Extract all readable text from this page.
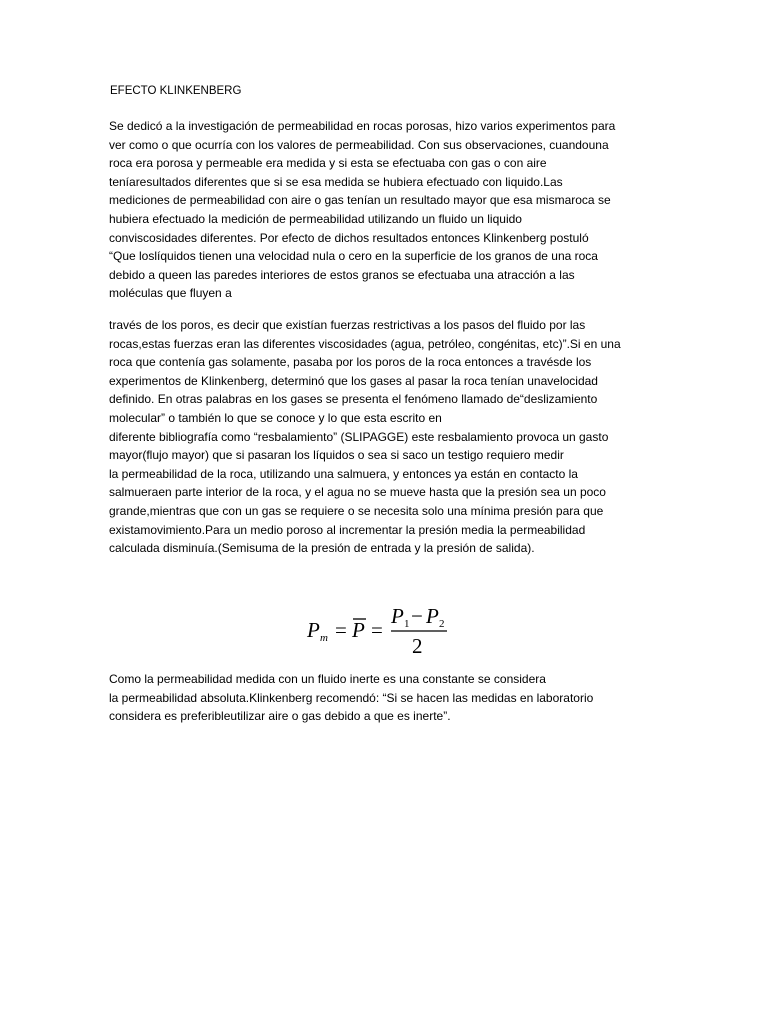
EFECTO KLINKENBERG
Se dedicó a la investigación de permeabilidad en rocas porosas, hizo varios experimentos para
ver como o que ocurría con los valores de permeabilidad. Con sus observaciones, cuandouna
roca era porosa y permeable era medida y si esta se efectuaba con gas o con aire
teníaresultados diferentes que si se esa medida se hubiera efectuado con liquido.Las
mediciones de permeabilidad con aire o gas tenían un resultado mayor que esa mismaroca se
hubiera efectuado la medición de permeabilidad utilizando un fluido un liquido
conviscosidades diferentes. Por efecto de dichos resultados entonces Klinkenberg postuló
“Que loslíquidos tienen una velocidad nula o cero en la superficie de los granos de una roca
debido a queen las paredes interiores de estos granos se efectuaba una atracción a las
moléculas que fluyen a
través de los poros, es decir que existían fuerzas restrictivas a los pasos del fluido por las
rocas,estas fuerzas eran las diferentes viscosidades (agua, petróleo, congénitas, etc)”.Si en una
roca que contenía gas solamente, pasaba por los poros de la roca entonces a travésde los
experimentos de Klinkenberg, determinó que los gases al pasar la roca tenían unavelocidad
definido. En otras palabras en los gases se presenta el fenómeno llamado de“deslizamiento
molecular” o también lo que se conoce y lo que esta escrito en
diferente bibliografía como “resbalamiento” (SLIPAGGE) este resbalamiento provoca un gasto
mayor(flujo mayor) que si pasaran los líquidos o sea si saco un testigo requiero medir
la permeabilidad de la roca, utilizando una salmuera, y entonces ya están en contacto la
salmueraen parte interior de la roca, y el agua no se mueve hasta que la presión sea un poco
grande,mientras que con un gas se requiere o se necesita solo una mínima presión para que
existamovimiento.Para un medio poroso al incrementar la presión media la permeabilidad
calculada disminuía.(Semisuma de la presión de entrada y la presión de salida).
P m = P =
P 1 − P 2
2
Como la permeabilidad medida con un fluido inerte es una constante se considera
la permeabilidad absoluta.Klinkenberg recomendó: “Si se hacen las medidas en laboratorio
considera es preferibleutilizar aire o gas debido a que es inerte”.
